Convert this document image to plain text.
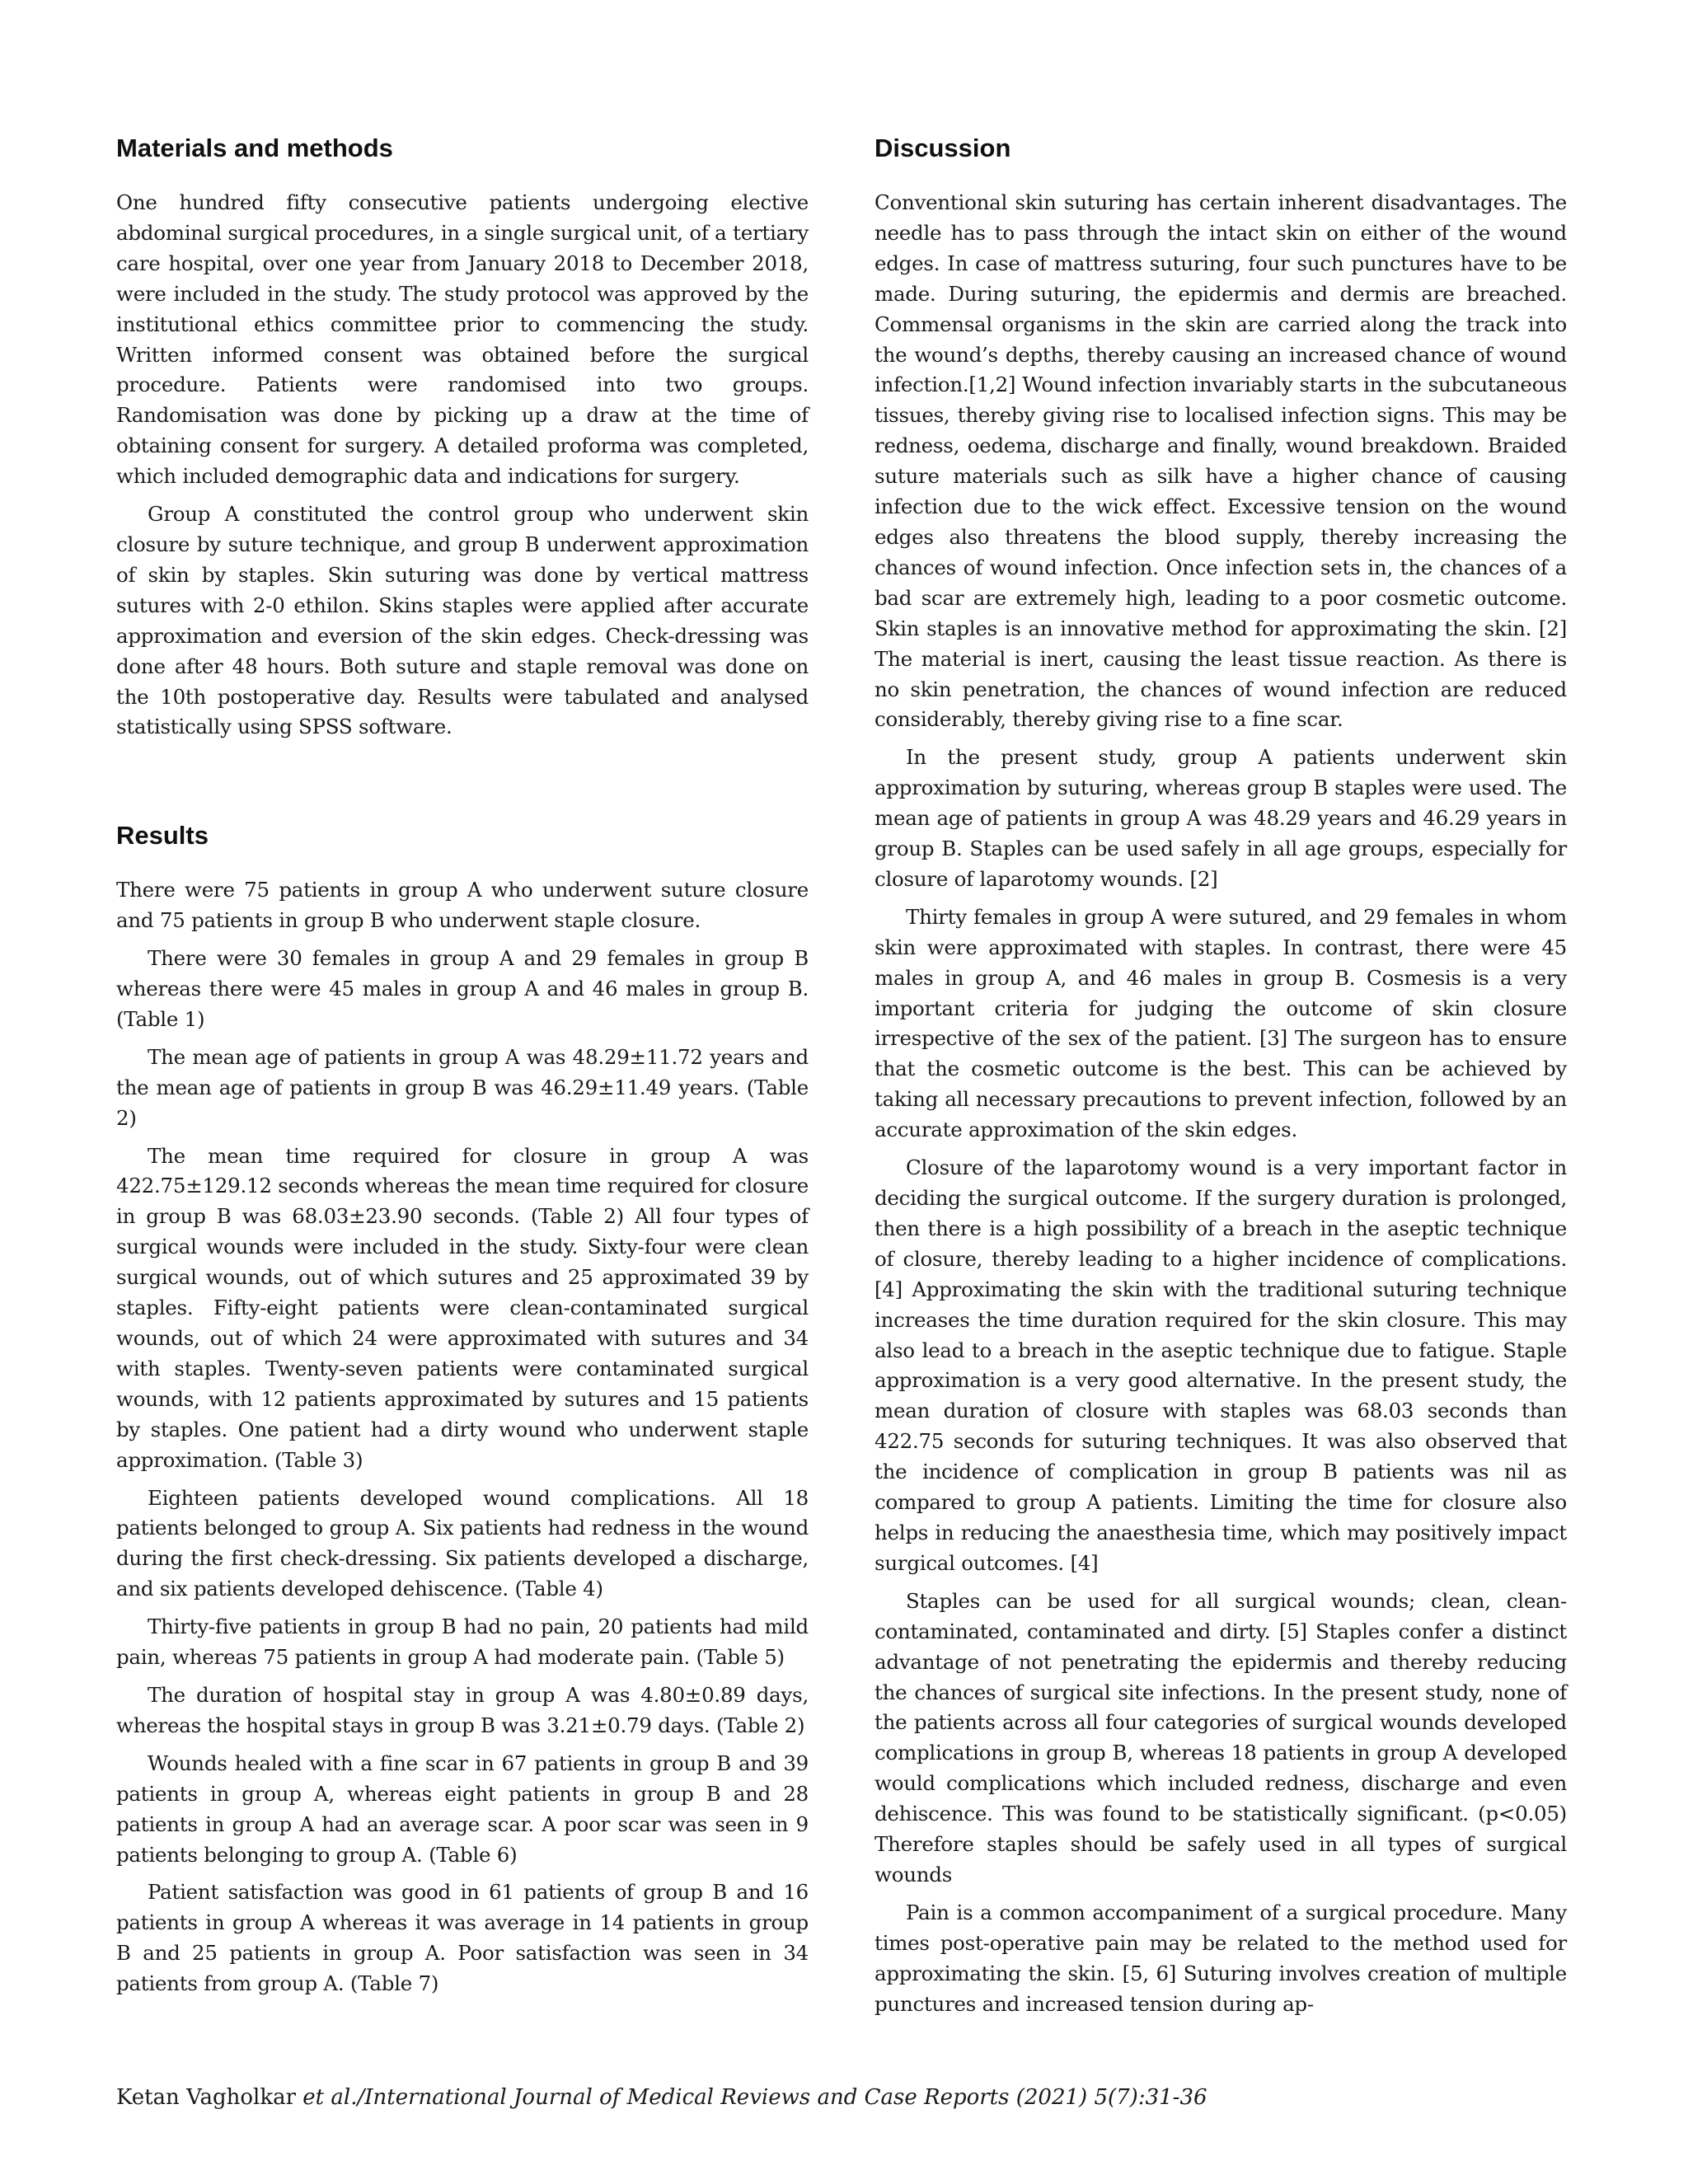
Materials and methods

One hundred fifty consecutive patients undergoing elective abdominal surgical procedures, in a single surgical unit, of a tertiary care hospital, over one year from January 2018 to December 2018, were included in the study. The study protocol was approved by the institutional ethics committee prior to commencing the study. Written informed consent was obtained before the surgical procedure. Patients were randomised into two groups. Randomisation was done by picking up a draw at the time of obtaining consent for surgery. A detailed proforma was completed, which included demographic data and indications for surgery.

Group A constituted the control group who underwent skin closure by suture technique, and group B underwent approximation of skin by staples. Skin suturing was done by vertical mattress sutures with 2-0 ethilon. Skins staples were applied after accurate approximation and eversion of the skin edges. Check-dressing was done after 48 hours. Both suture and staple removal was done on the 10th postoperative day. Results were tabulated and analysed statistically using SPSS software.

Results

There were 75 patients in group A who underwent suture closure and 75 patients in group B who underwent staple closure.

There were 30 females in group A and 29 females in group B whereas there were 45 males in group A and 46 males in group B. (Table 1)

The mean age of patients in group A was 48.29±11.72 years and the mean age of patients in group B was 46.29±11.49 years. (Table 2)

The mean time required for closure in group A was 422.75±129.12 seconds whereas the mean time required for closure in group B was 68.03±23.90 seconds. (Table 2) All four types of surgical wounds were included in the study. Sixty-four were clean surgical wounds, out of which sutures and 25 approximated 39 by staples. Fifty-eight patients were clean-contaminated surgical wounds, out of which 24 were approximated with sutures and 34 with staples. Twenty-seven patients were contaminated surgical wounds, with 12 patients approximated by sutures and 15 patients by staples. One patient had a dirty wound who underwent staple approximation. (Table 3)

Eighteen patients developed wound complications. All 18 patients belonged to group A. Six patients had redness in the wound during the first check-dressing. Six patients developed a discharge, and six patients developed dehiscence. (Table 4)

Thirty-five patients in group B had no pain, 20 patients had mild pain, whereas 75 patients in group A had moderate pain. (Table 5)

The duration of hospital stay in group A was 4.80±0.89 days, whereas the hospital stays in group B was 3.21±0.79 days. (Table 2)

Wounds healed with a fine scar in 67 patients in group B and 39 patients in group A, whereas eight patients in group B and 28 patients in group A had an average scar. A poor scar was seen in 9 patients belonging to group A. (Table 6)

Patient satisfaction was good in 61 patients of group B and 16 patients in group A whereas it was average in 14 patients in group B and 25 patients in group A. Poor satisfaction was seen in 34 patients from group A. (Table 7)

Discussion

Conventional skin suturing has certain inherent disadvantages. The needle has to pass through the intact skin on either of the wound edges. In case of mattress suturing, four such punctures have to be made. During suturing, the epidermis and dermis are breached. Commensal organisms in the skin are carried along the track into the wound’s depths, thereby causing an increased chance of wound infection.[1,2] Wound infection invariably starts in the subcutaneous tissues, thereby giving rise to localised infection signs. This may be redness, oedema, discharge and finally, wound breakdown. Braided suture materials such as silk have a higher chance of causing infection due to the wick effect. Excessive tension on the wound edges also threatens the blood supply, thereby increasing the chances of wound infection. Once infection sets in, the chances of a bad scar are extremely high, leading to a poor cosmetic outcome. Skin staples is an innovative method for approximating the skin. [2] The material is inert, causing the least tissue reaction. As there is no skin penetration, the chances of wound infection are reduced considerably, thereby giving rise to a fine scar.

In the present study, group A patients underwent skin approximation by suturing, whereas group B staples were used. The mean age of patients in group A was 48.29 years and 46.29 years in group B. Staples can be used safely in all age groups, especially for closure of laparotomy wounds. [2]

Thirty females in group A were sutured, and 29 females in whom skin were approximated with staples. In contrast, there were 45 males in group A, and 46 males in group B. Cosmesis is a very important criteria for judging the outcome of skin closure irrespective of the sex of the patient. [3] The surgeon has to ensure that the cosmetic outcome is the best. This can be achieved by taking all necessary precautions to prevent infection, followed by an accurate approximation of the skin edges.

Closure of the laparotomy wound is a very important factor in deciding the surgical outcome. If the surgery duration is prolonged, then there is a high possibility of a breach in the aseptic technique of closure, thereby leading to a higher incidence of complications. [4] Approximating the skin with the traditional suturing technique increases the time duration required for the skin closure. This may also lead to a breach in the aseptic technique due to fatigue. Staple approximation is a very good alternative. In the present study, the mean duration of closure with staples was 68.03 seconds than 422.75 seconds for suturing techniques. It was also observed that the incidence of complication in group B patients was nil as compared to group A patients. Limiting the time for closure also helps in reducing the anaesthesia time, which may positively impact surgical outcomes. [4]

Staples can be used for all surgical wounds; clean, clean-contaminated, contaminated and dirty. [5] Staples confer a distinct advantage of not penetrating the epidermis and thereby reducing the chances of surgical site infections. In the present study, none of the patients across all four categories of surgical wounds developed complications in group B, whereas 18 patients in group A developed would complications which included redness, discharge and even dehiscence. This was found to be statistically significant. (p<0.05) Therefore staples should be safely used in all types of surgical wounds

Pain is a common accompaniment of a surgical procedure. Many times post-operative pain may be related to the method used for approximating the skin. [5, 6] Suturing involves creation of multiple punctures and increased tension during ap-

Ketan Vagholkar et al./International Journal of Medical Reviews and Case Reports (2021) 5(7):31-36
